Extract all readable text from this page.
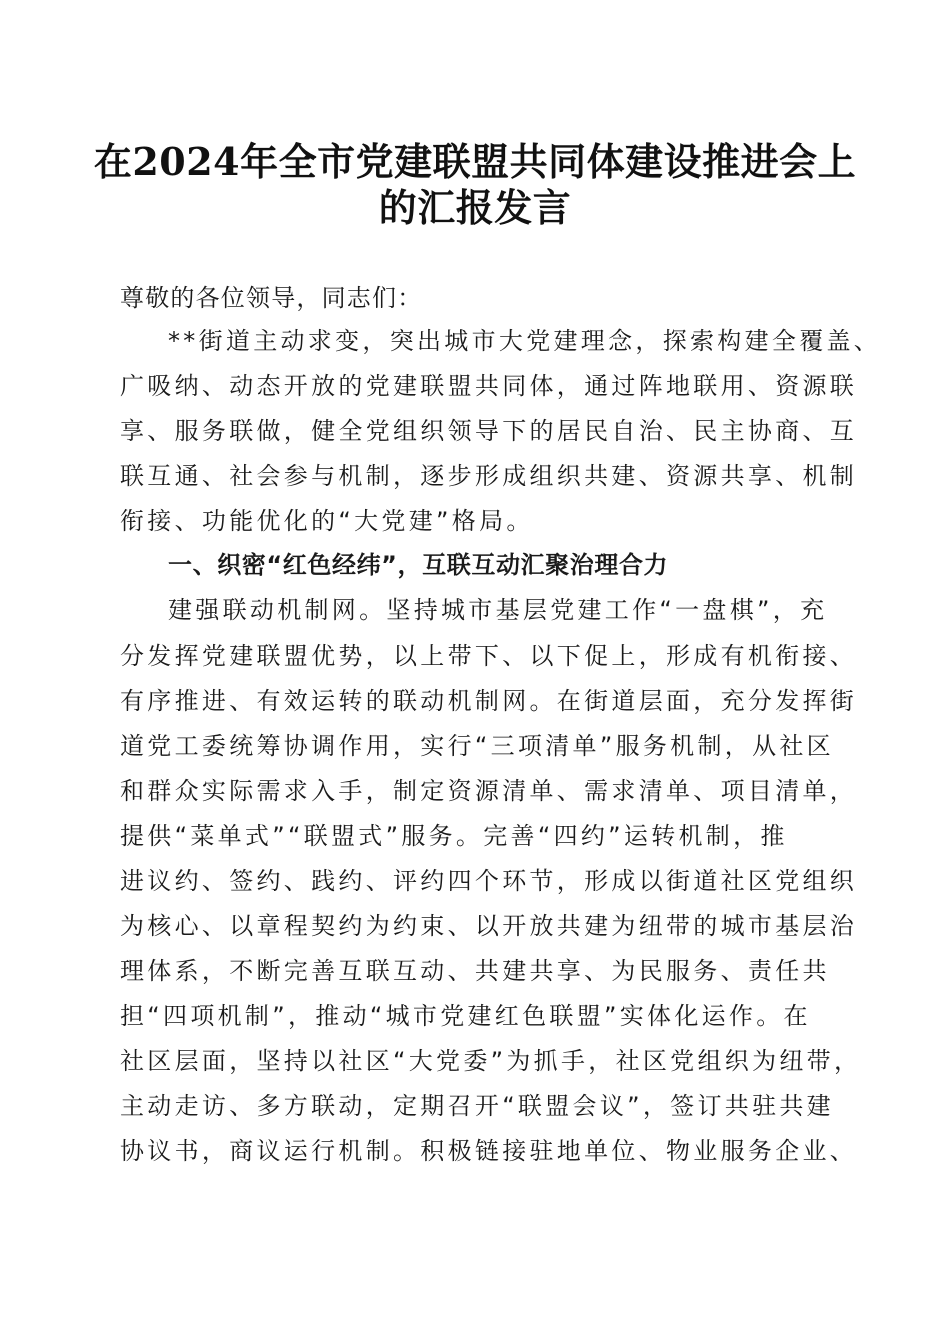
在2024年全市党建联盟共同体建设推进会上
的汇报发言

尊敬的各位领导，同志们：

**街道主动求变，突出城市大党建理念，探索构建全覆盖、

广吸纳、动态开放的党建联盟共同体，通过阵地联用、资源联

享、服务联做，健全党组织领导下的居民自治、民主协商、互

联互通、社会参与机制，逐步形成组织共建、资源共享、机制

衔接、功能优化的“大党建”格局。

一、织密“红色经纬”，互联互动汇聚治理合力

建强联动机制网。坚持城市基层党建工作“一盘棋”，充

分发挥党建联盟优势，以上带下、以下促上，形成有机衔接、

有序推进、有效运转的联动机制网。在街道层面，充分发挥街

道党工委统筹协调作用，实行“三项清单”服务机制，从社区

和群众实际需求入手，制定资源清单、需求清单、项目清单，

提供“菜单式”“联盟式”服务。完善“四约”运转机制，推

进议约、签约、践约、评约四个环节，形成以街道社区党组织

为核心、以章程契约为约束、以开放共建为纽带的城市基层治

理体系，不断完善互联互动、共建共享、为民服务、责任共

担“四项机制”，推动“城市党建红色联盟”实体化运作。在

社区层面，坚持以社区“大党委”为抓手，社区党组织为纽带，

主动走访、多方联动，定期召开“联盟会议”，签订共驻共建

协议书，商议运行机制。积极链接驻地单位、物业服务企业、
